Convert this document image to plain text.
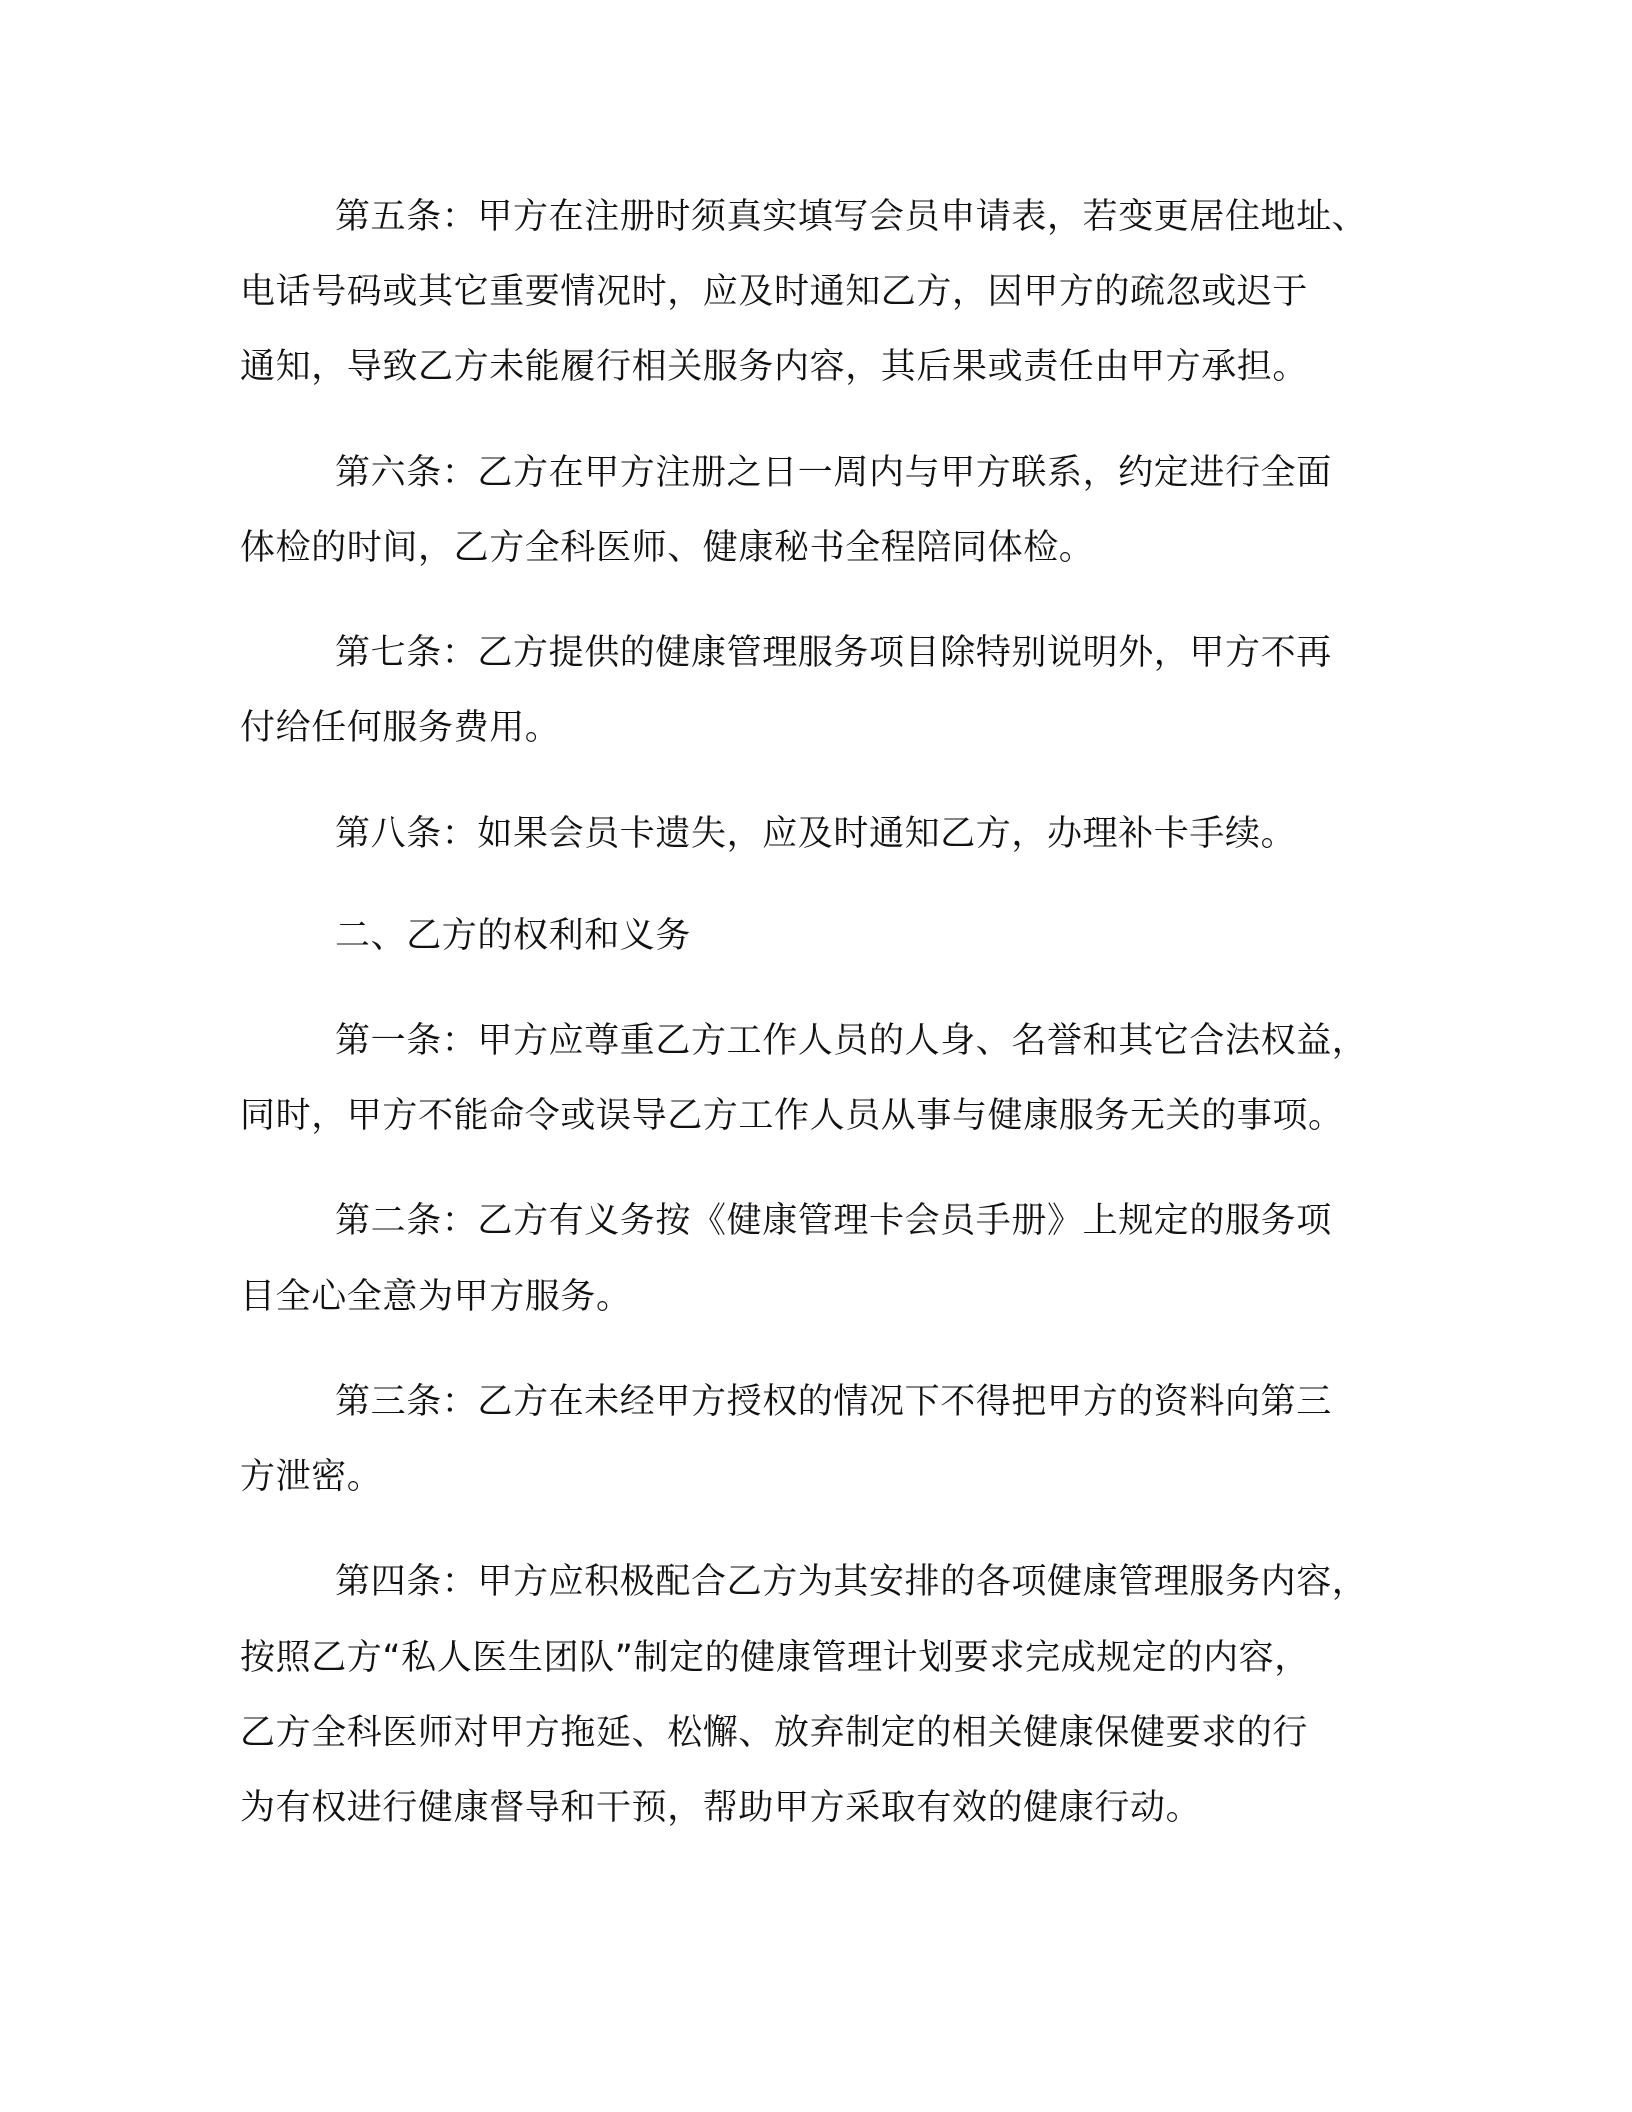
第五条：甲方在注册时须真实填写会员申请表，若变更居住地址、
电话号码或其它重要情况时，应及时通知乙方，因甲方的疏忽或迟于
通知，导致乙方未能履行相关服务内容，其后果或责任由甲方承担。
第六条：乙方在甲方注册之日一周内与甲方联系，约定进行全面
体检的时间，乙方全科医师、健康秘书全程陪同体检。
第七条：乙方提供的健康管理服务项目除特别说明外，甲方不再
付给任何服务费用。
第八条：如果会员卡遗失，应及时通知乙方，办理补卡手续。
二、乙方的权利和义务
第一条：甲方应尊重乙方工作人员的人身、名誉和其它合法权益，
同时，甲方不能命令或误导乙方工作人员从事与健康服务无关的事项。
第二条：乙方有义务按《健康管理卡会员手册》上规定的服务项
目全心全意为甲方服务。
第三条：乙方在未经甲方授权的情况下不得把甲方的资料向第三
方泄密。
第四条：甲方应积极配合乙方为其安排的各项健康管理服务内容，
按照乙方“私人医生团队”制定的健康管理计划要求完成规定的内容，
乙方全科医师对甲方拖延、松懈、放弃制定的相关健康保健要求的行
为有权进行健康督导和干预，帮助甲方采取有效的健康行动。
